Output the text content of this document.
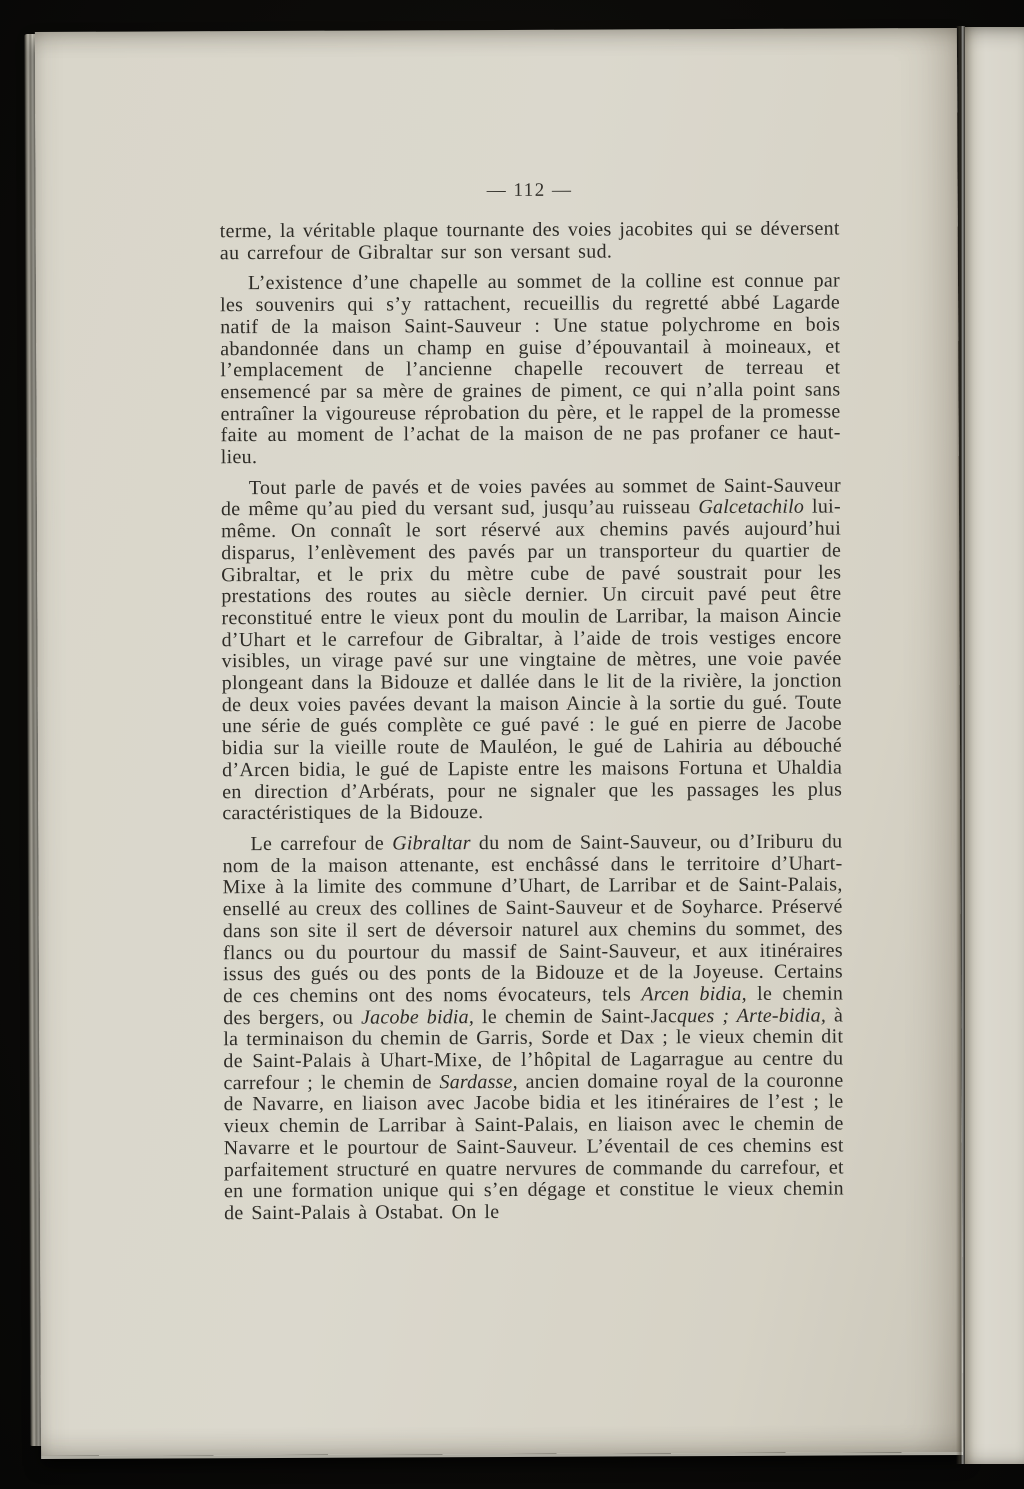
— 112 —

terme, la véritable plaque tournante des voies jacobites qui se déversent au carrefour de Gibraltar sur son versant sud.

L’existence d’une chapelle au sommet de la colline est connue par les souvenirs qui s’y rattachent, recueillis du regretté abbé Lagarde natif de la maison Saint-Sauveur : Une statue polychrome en bois abandonnée dans un champ en guise d’épouvantail à moineaux, et l’emplacement de l’ancienne chapelle recouvert de terreau et ensemencé par sa mère de graines de piment, ce qui n’alla point sans entraîner la vigoureuse réprobation du père, et le rappel de la promesse faite au moment de l’achat de la maison de ne pas profaner ce haut-lieu.

Tout parle de pavés et de voies pavées au sommet de Saint-Sauveur de même qu’au pied du versant sud, jusqu’au ruisseau Galcetachilo lui-même. On connaît le sort réservé aux chemins pavés aujourd’hui disparus, l’enlèvement des pavés par un transporteur du quartier de Gibraltar, et le prix du mètre cube de pavé soustrait pour les prestations des routes au siècle dernier. Un circuit pavé peut être reconstitué entre le vieux pont du moulin de Larribar, la maison Aincie d’Uhart et le carrefour de Gibraltar, à l’aide de trois vestiges encore visibles, un virage pavé sur une vingtaine de mètres, une voie pavée plongeant dans la Bidouze et dallée dans le lit de la rivière, la jonction de deux voies pavées devant la maison Aincie à la sortie du gué. Toute une série de gués complète ce gué pavé : le gué en pierre de Jacobe bidia sur la vieille route de Mauléon, le gué de Lahiria au débouché d’Arcen bidia, le gué de Lapiste entre les maisons Fortuna et Uhaldia en direction d’Arbérats, pour ne signaler que les passages les plus caractéristiques de la Bidouze.

Le carrefour de Gibraltar du nom de Saint-Sauveur, ou d’Iriburu du nom de la maison attenante, est enchâssé dans le territoire d’Uhart-Mixe à la limite des commune d’Uhart, de Larribar et de Saint-Palais, ensellé au creux des collines de Saint-Sauveur et de Soyharce. Préservé dans son site il sert de déversoir naturel aux chemins du sommet, des flancs ou du pourtour du massif de Saint-Sauveur, et aux itinéraires issus des gués ou des ponts de la Bidouze et de la Joyeuse. Certains de ces chemins ont des noms évocateurs, tels Arcen bidia, le chemin des bergers, ou Jacobe bidia, le chemin de Saint-Jacques ; Arte-bidia, à la terminaison du chemin de Garris, Sorde et Dax ; le vieux chemin dit de Saint-Palais à Uhart-Mixe, de l’hôpital de Lagarrague au centre du carrefour ; le chemin de Sardasse, ancien domaine royal de la couronne de Navarre, en liaison avec Jacobe bidia et les itinéraires de l’est ; le vieux chemin de Larribar à Saint-Palais, en liaison avec le chemin de Navarre et le pourtour de Saint-Sauveur. L’éventail de ces chemins est parfaitement structuré en quatre nervures de commande du carrefour, et en une formation unique qui s’en dégage et constitue le vieux chemin de Saint-Palais à Ostabat. On le
